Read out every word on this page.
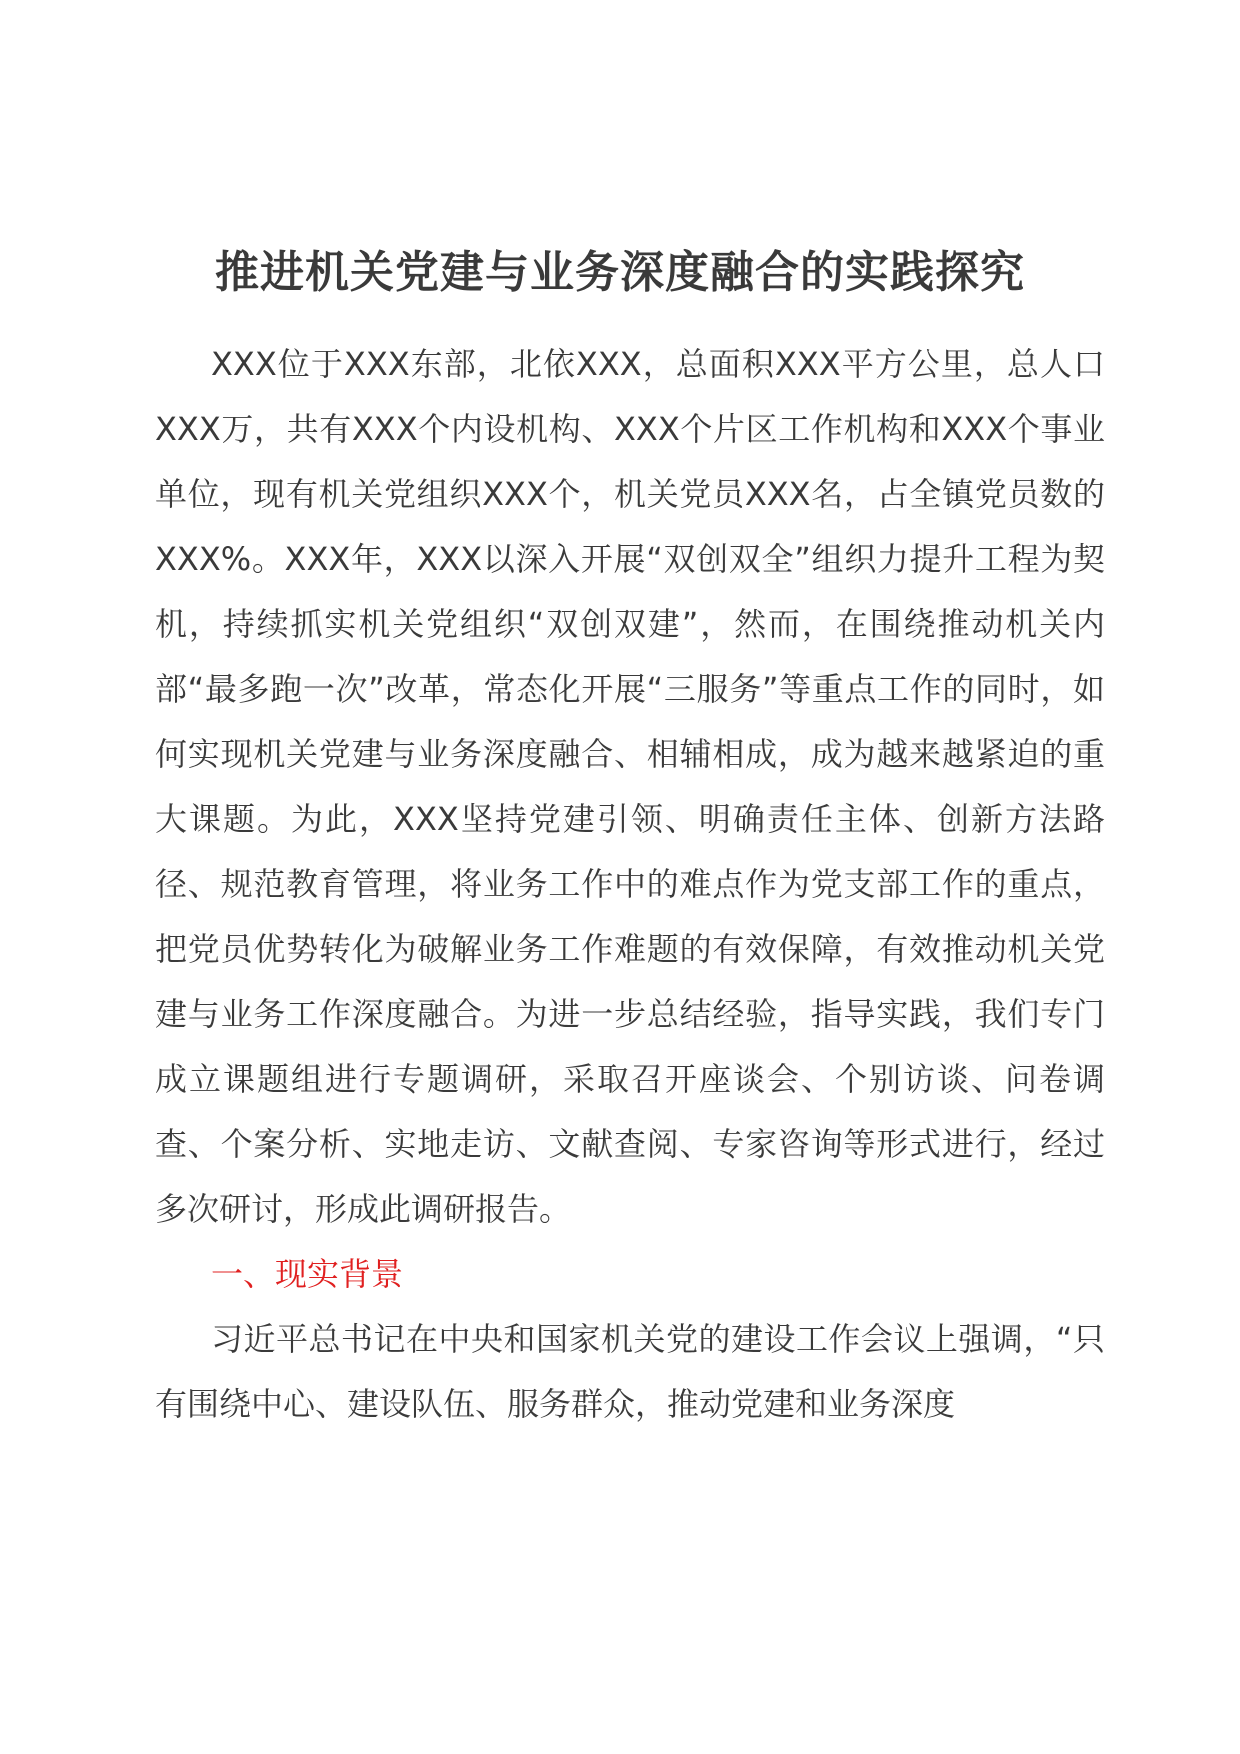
推进机关党建与业务深度融合的实践探究

XXX位于XXX东部，北依XXX，总面积XXX平方公里，总人口XXX万，共有XXX个内设机构、XXX个片区工作机构和XXX个事业单位，现有机关党组织XXX个，机关党员XXX名，占全镇党员数的XXX%。XXX年，XXX以深入开展“双创双全”组织力提升工程为契机，持续抓实机关党组织“双创双建”，然而，在围绕推动机关内部“最多跑一次”改革，常态化开展“三服务”等重点工作的同时，如何实现机关党建与业务深度融合、相辅相成，成为越来越紧迫的重大课题。为此，XXX坚持党建引领、明确责任主体、创新方法路径、规范教育管理，将业务工作中的难点作为党支部工作的重点，把党员优势转化为破解业务工作难题的有效保障，有效推动机关党建与业务工作深度融合。为进一步总结经验，指导实践，我们专门成立课题组进行专题调研，采取召开座谈会、个别访谈、问卷调查、个案分析、实地走访、文献查阅、专家咨询等形式进行，经过多次研讨，形成此调研报告。

一、现实背景

习近平总书记在中央和国家机关党的建设工作会议上强调，“只有围绕中心、建设队伍、服务群众，推动党建和业务深度
